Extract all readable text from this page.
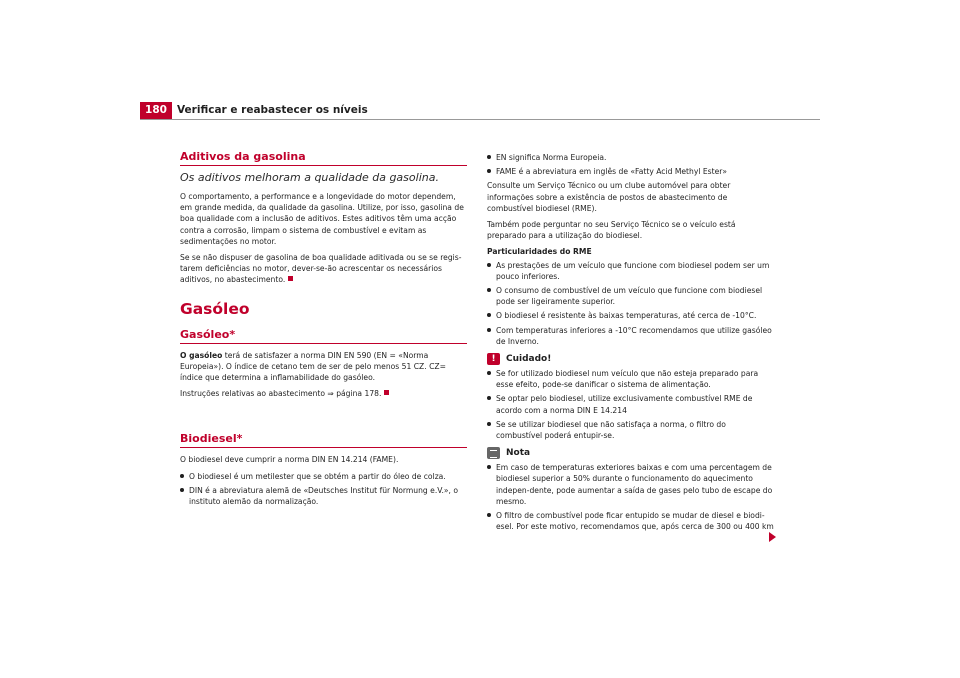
180 Verificar e reabastecer os níveis
Aditivos da gasolina
Os aditivos melhoram a qualidade da gasolina.

O comportamento, a performance e a longevidade do motor dependem, em grande medida, da qualidade da gasolina. Utilize, por isso, gasolina de boa qualidade com a inclusão de aditivos. Estes aditivos têm uma acção contra a corrosão, limpam o sistema de combustível e evitam as sedimentações no motor.

Se se não dispuser de gasolina de boa qualidade aditivada ou se se regis-tarem deficiências no motor, dever-se-ão acrescentar os necessários aditivos, no abastecimento.

Gasóleo
Gasóleo*

O gasóleo terá de satisfazer a norma DIN EN 590 (EN = «Norma Europeia»). O índice de cetano tem de ser de pelo menos 51 CZ. CZ= índice que determina a inflamabilidade do gasóleo.

Instruções relativas ao abastecimento ⇒ página 178.

Biodiesel*

O biodiesel deve cumprir a norma DIN EN 14.214 (FAME).

O biodiesel é um metilester que se obtém a partir do óleo de colza.
DIN é a abreviatura alemã de «Deutsches Institut für Normung e.V.», o instituto alemão da normalização.
EN significa Norma Europeia.
FAME é a abreviatura em inglês de «Fatty Acid Methyl Ester»

Consulte um Serviço Técnico ou um clube automóvel para obter informações sobre a existência de postos de abastecimento de combustível biodiesel (RME).

Também pode perguntar no seu Serviço Técnico se o veículo está preparado para a utilização do biodiesel.

Particularidades do RME

As prestações de um veículo que funcione com biodiesel podem ser um pouco inferiores.
O consumo de combustível de um veículo que funcione com biodiesel pode ser ligeiramente superior.
O biodiesel é resistente às baixas temperaturas, até cerca de -10°C.
Com temperaturas inferiores a -10°C recomendamos que utilize gasóleo de Inverno.
!	Cuidado!
Se for utilizado biodiesel num veículo que não esteja preparado para esse efeito, pode-se danificar o sistema de alimentação.
Se optar pelo biodiesel, utilize exclusivamente combustível RME de acordo com a norma DIN E 14.214
Se se utilizar biodiesel que não satisfaça a norma, o filtro do combustível poderá entupir-se.
Nota
Em caso de temperaturas exteriores baixas e com uma percentagem de biodiesel superior a 50% durante o funcionamento do aquecimento indepen-dente, pode aumentar a saída de gases pelo tubo de escape do mesmo.
O filtro de combustível pode ficar entupido se mudar de diesel e biodi-esel. Por este motivo, recomendamos que, após cerca de 300 ou 400 km
